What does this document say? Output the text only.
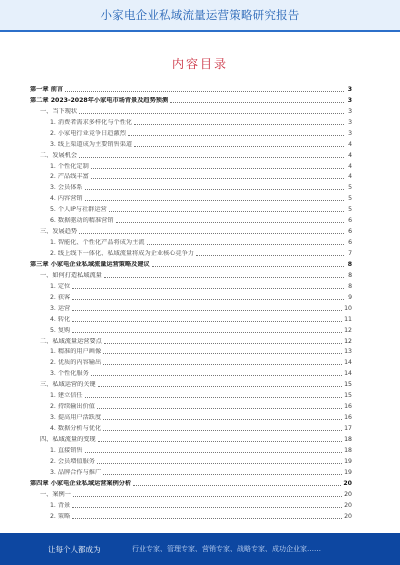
小家电企业私域流量运营策略研究报告
内容目录
第一章 前言	3
第二章 2023-2028年小家电市场背景及趋势预测	3
一、当下现状	3
1. 消费者需求多样化与个性化	3
2. 小家电行业竞争日趋激烈	3
3. 线上渠道成为主要销售渠道	4
二、发展机会	4
1. 个性化定制	4
2. 产品线丰富	4
3. 会员体系	5
4. 内容营销	5
5. 个人IP与社群运营	5
6. 数据驱动的精准营销	6
三、发展趋势	6
1. 智能化、个性化产品将成为主流	6
2. 线上线下一体化、私域流量将成为企业核心竞争力	7
第三章 小家电企业私域流量运营策略及建议	8
一、如何打造私域流量	8
1. 定位	8
2. 获客	9
3. 运营	10
4. 转化	11
5. 复购	12
二、私域流量运营要点	12
1. 精准的用户画像	13
2. 优质的内容输出	14
3. 个性化服务	14
三、私域运营的关键	15
1. 建立信任	15
2. 持续输出价值	16
3. 提高用户活跃度	16
4. 数据分析与优化	17
四、私域流量的变现	18
1. 直接销售	18
2. 会员增值服务	19
3. 品牌合作与推广	19
第四章 小家电企业私域运营案例分析	20
一、案例一	20
1. 背景	20
2. 策略	20
让每个人都成为	行业专家、管理专家、营销专家、战略专家、成功企业家……
